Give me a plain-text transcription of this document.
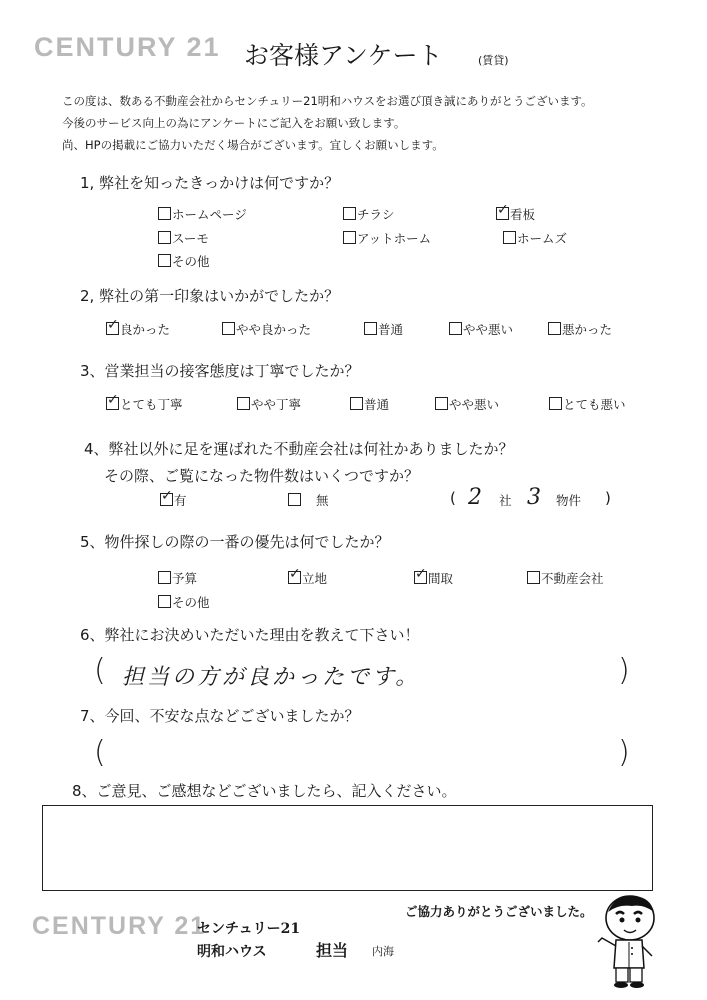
CENTURY 21 お客様アンケート	(賃貸)
この度は、数ある不動産会社からセンチュリー21明和ハウスをお選び頂き誠にありがとうございます。
今後のサービス向上の為にアンケートにご記入をお願い致します。
尚、HPの掲載にご協力いただく場合がございます。宜しくお願いします。
1, 弊社を知ったきっかけは何ですか？
ホームページ	チラシ ✓	看板
スーモ	アットホーム	ホームズ
その他
2, 弊社の第一印象はいかがでしたか？
✓良かった	やや良かった	普通	やや悪い	悪かった
3、営業担当の接客態度は丁寧でしたか？
✓とても丁寧	やや丁寧	普通	やや悪い	とても悪い
4、弊社以外に足を運ばれた不動産会社は何社かありましたか？
その際、ご覧になった物件数はいくつですか？
✓有	無	( 2 社 3 物件 )
5、物件探しの際の一番の優先は何でしたか？
予算 ✓	立地 ✓	間取	不動産会社
その他
6、弊社にお決めいただいた理由を教えて下さい！
( 担当の方が良かったです。	)
7、今回、不安な点などございましたか？
(	)
8、ご意見、ご感想などございましたら、記入ください。
CENTURY 21
センチュリー21
明和ハウス	担当 内海
ご協力ありがとうございました。
